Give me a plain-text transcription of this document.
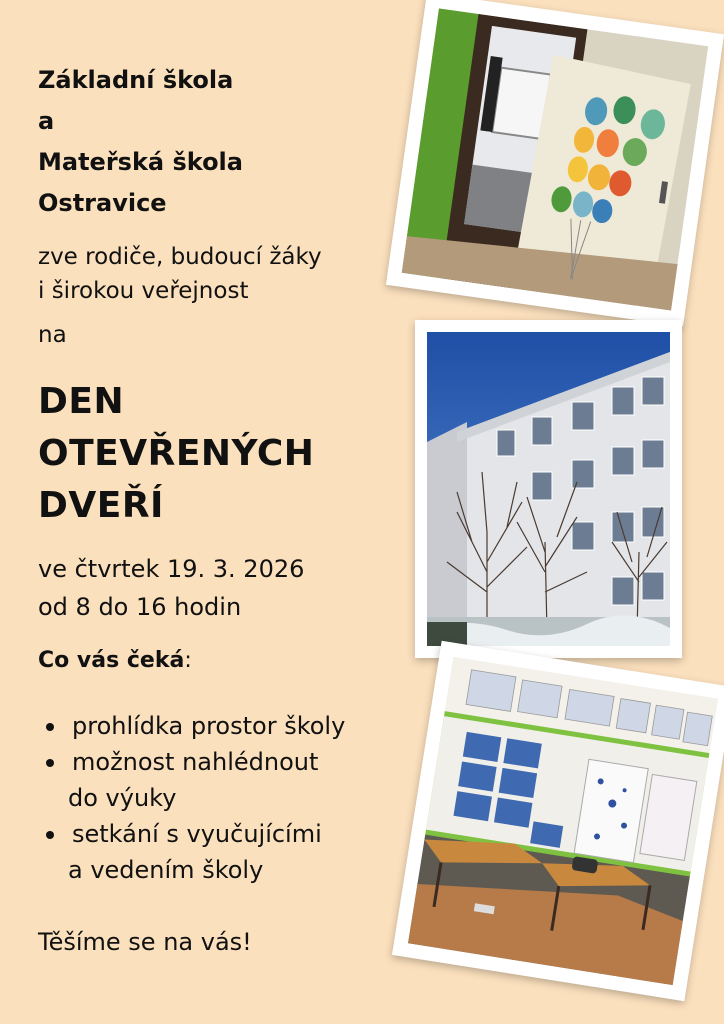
Základní škola
a
Mateřská škola
Ostravice

zve rodiče, budoucí žáky
i širokou veřejnost

na

DEN
OTEVŘENÝCH
DVEŘÍ

ve čtvrtek 19. 3. 2026
od 8 do 16 hodin

Co vás čeká:

prohlídka prostor školy
možnost nahlédnout
do výuky
setkání s vyučujícími
a vedením školy

Těšíme se na vás!
